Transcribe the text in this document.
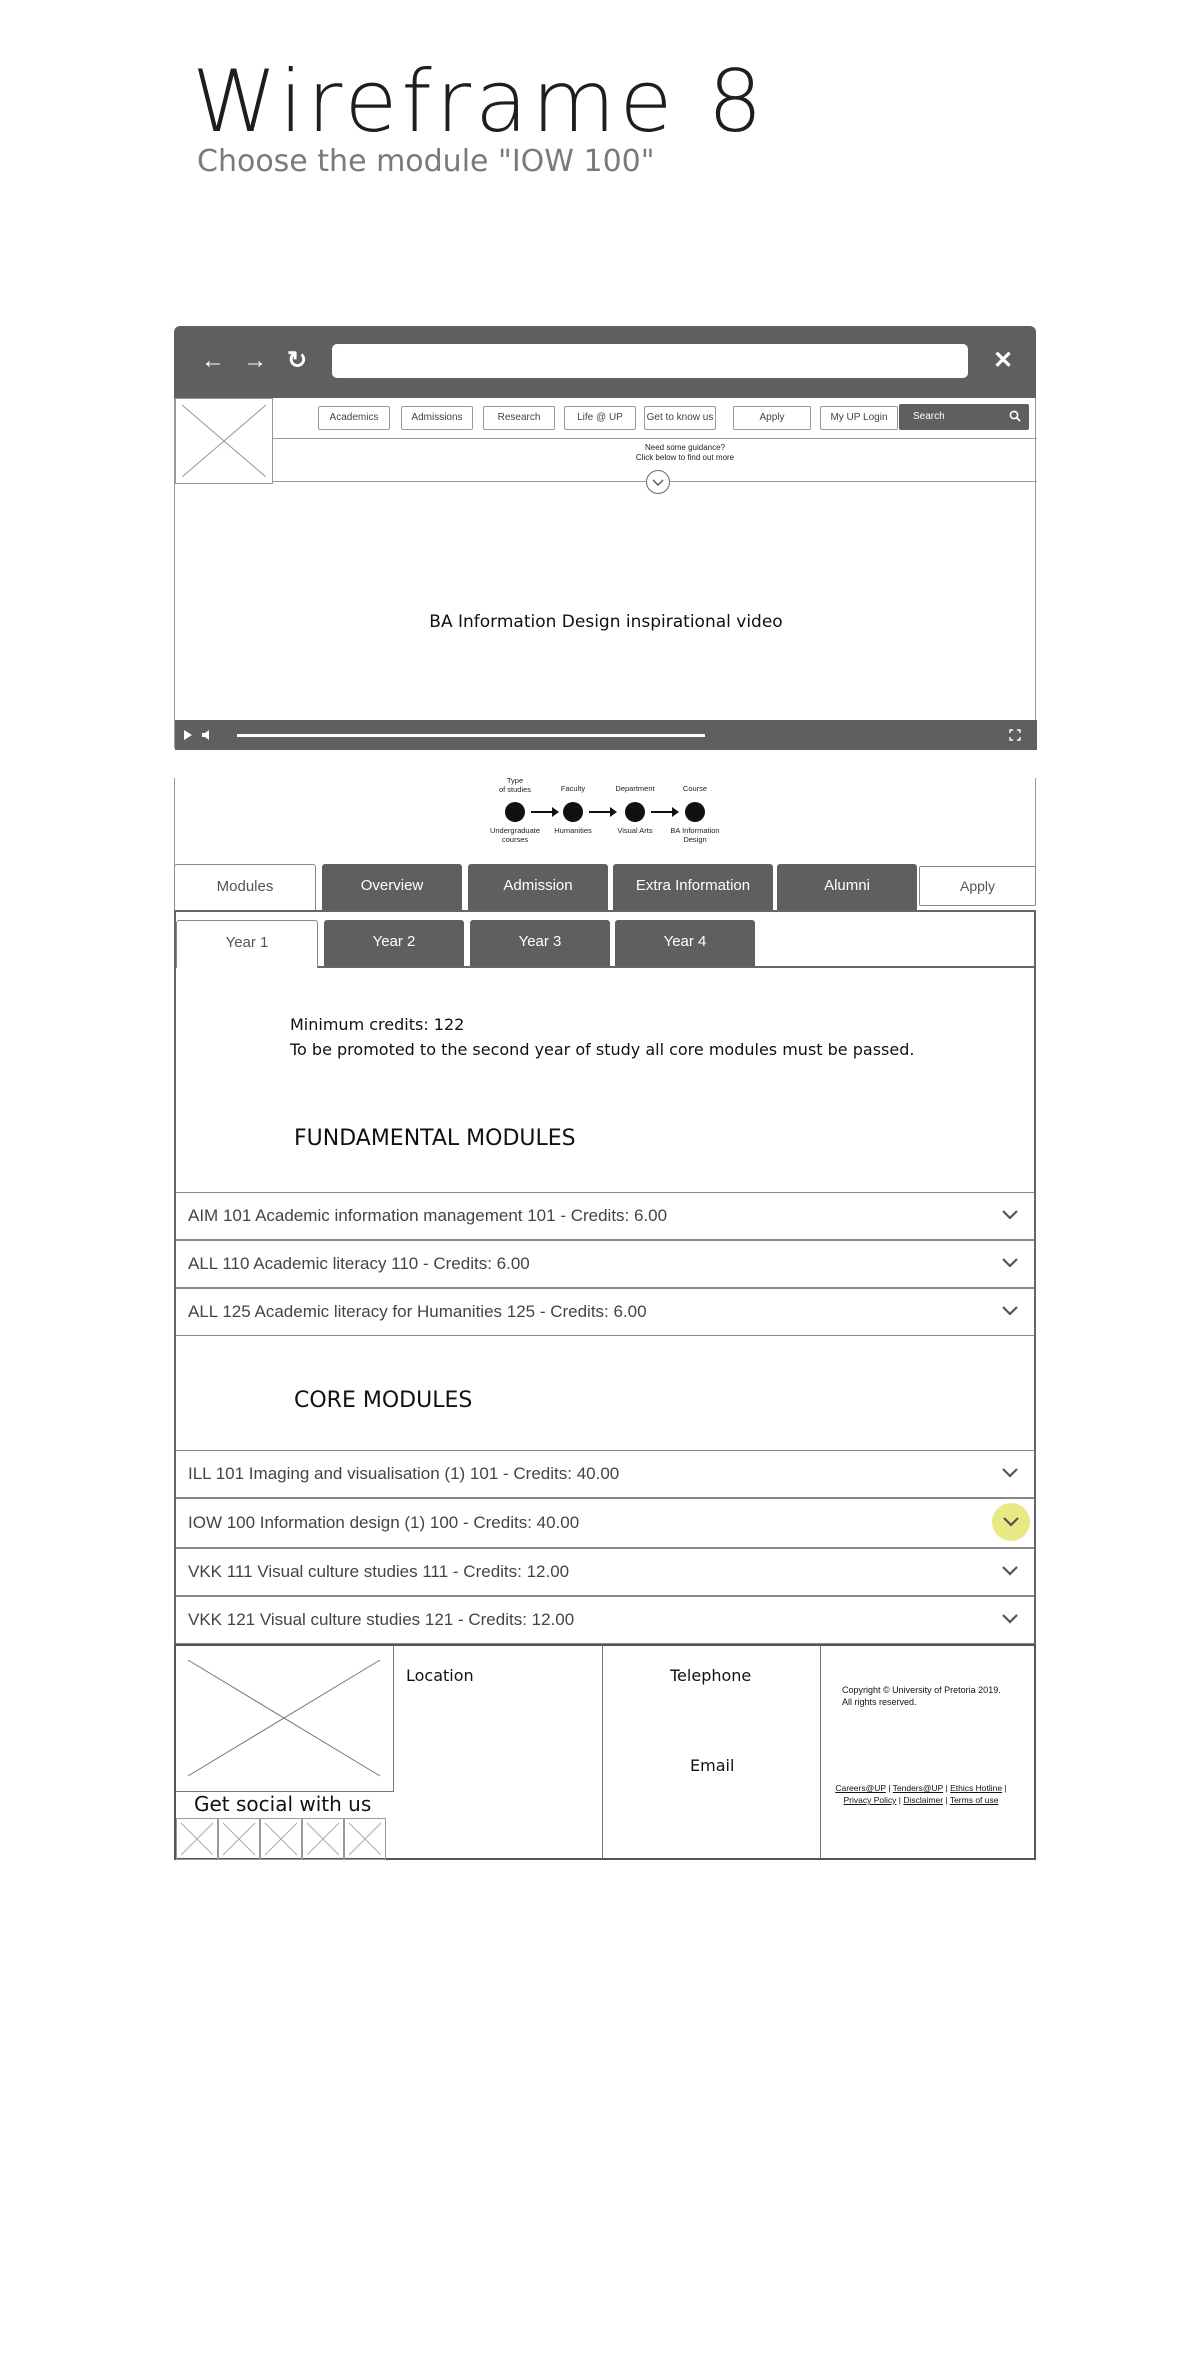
Wireframe 8
Choose the module "IOW 100"
← → ↻	✕
Academics	Admissions	Research	Life @ UP	Get to know us	Apply	My UP Login	Search
Need some guidance?
Click below to find out more
BA Information Design inspirational video
Type
of studies
Undergraduate
courses
Faculty
Humanities
Department
Visual Arts
Course
BA Information
Design
Modules	Overview	Admission	Extra Information	Alumni	Apply
Year 1	Year 2	Year 3	Year 4
Minimum credits: 122
To be promoted to the second year of study all core modules must be passed.
FUNDAMENTAL MODULES
AIM 101 Academic information management 101 - Credits: 6.00
ALL 110 Academic literacy 110 - Credits: 6.00
ALL 125 Academic literacy for Humanities 125 - Credits: 6.00
CORE MODULES
ILL 101 Imaging and visualisation (1) 101 - Credits: 40.00
IOW 100 Information design (1) 100 - Credits: 40.00
VKK 111 Visual culture studies 111 - Credits: 12.00
VKK 121 Visual culture studies 121 - Credits: 12.00
Get social with us
Location	Telephone
Email
Copyright © University of Pretoria 2019.
All rights reserved.
Careers@UP | Tenders@UP | Ethics Hotline |
Privacy Policy | Disclaimer | Terms of use
